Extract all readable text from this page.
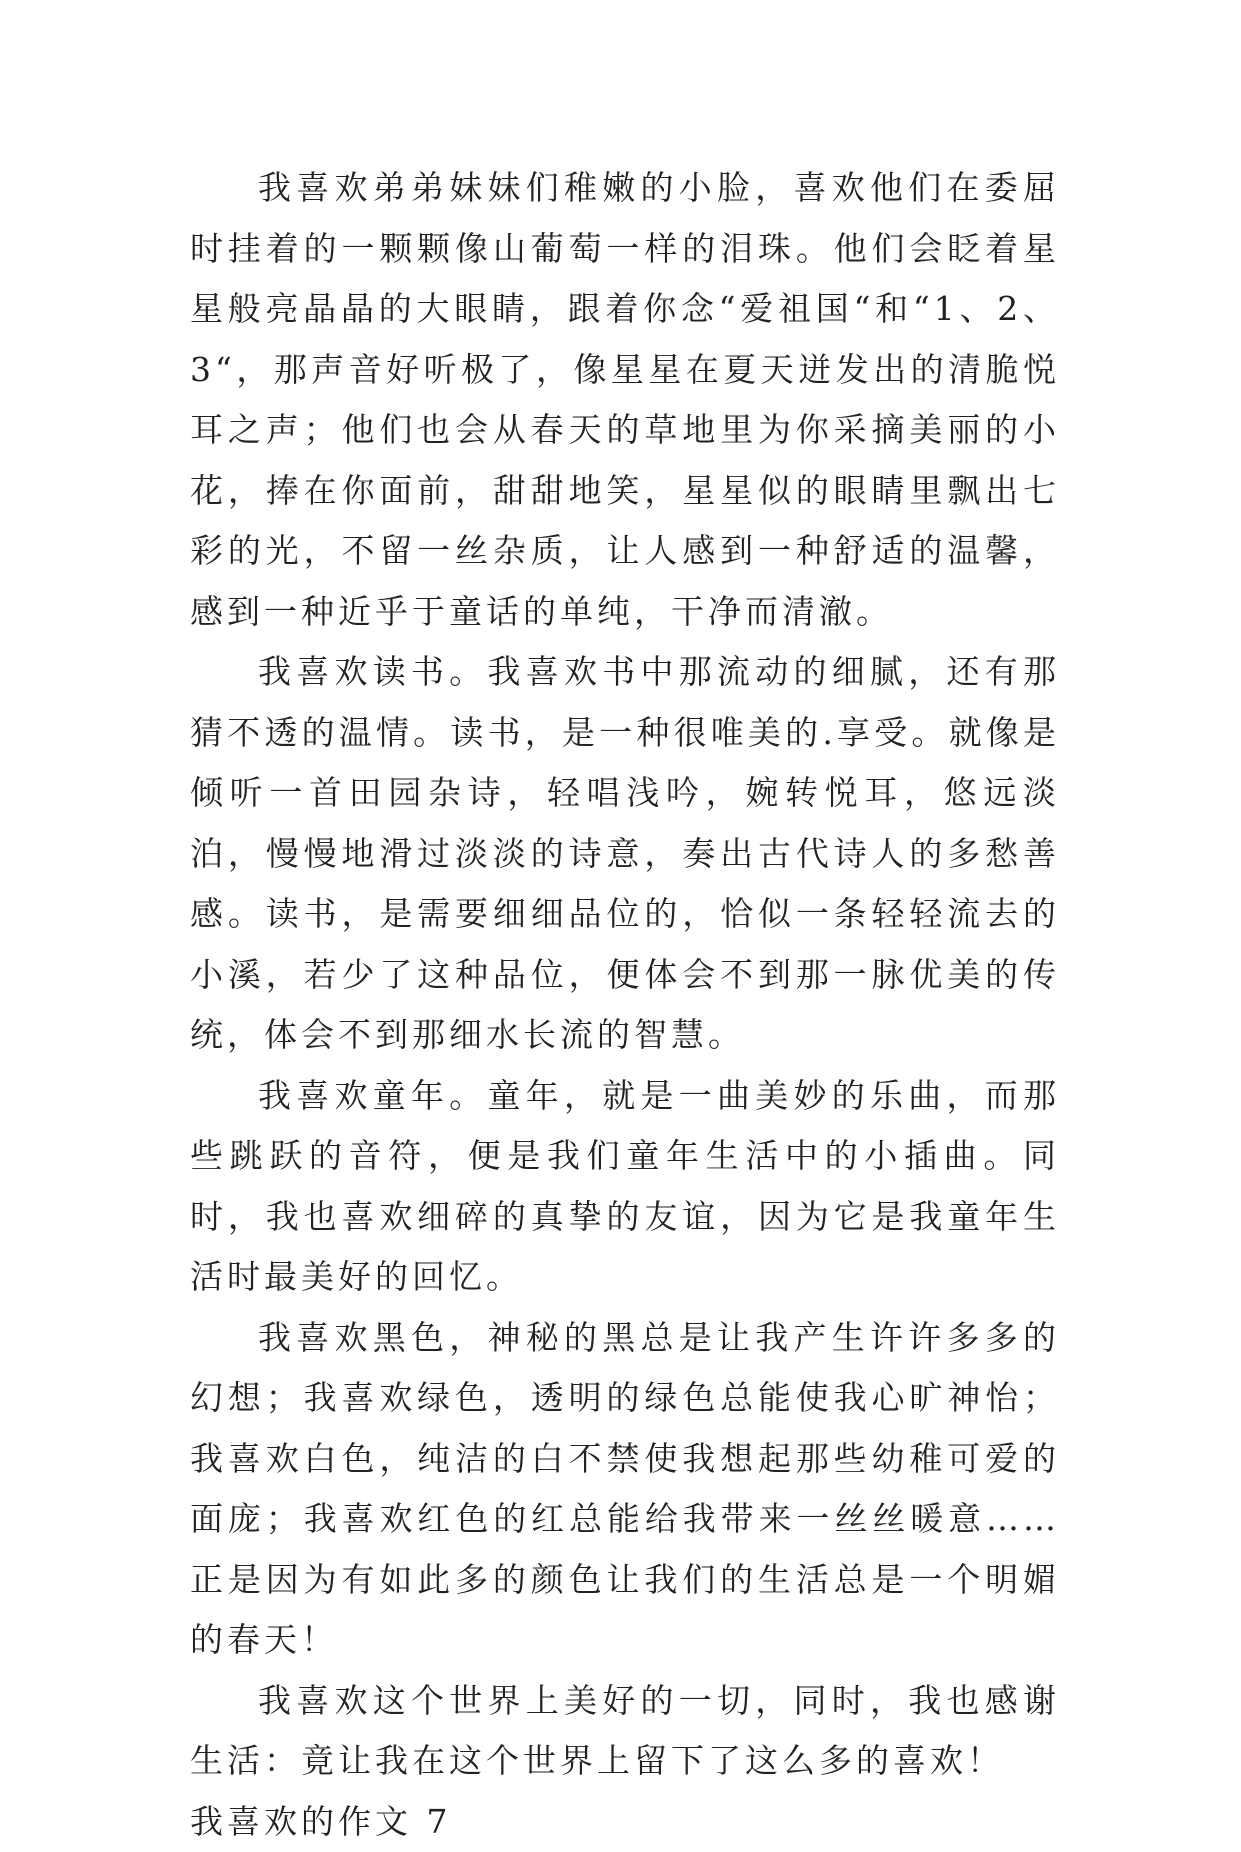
我喜欢弟弟妹妹们稚嫩的小脸，喜欢他们在委屈时挂着的一颗颗像山葡萄一样的泪珠。他们会眨着星星般亮晶晶的大眼睛，跟着你念“爱祖国“和“1、2、3“，那声音好听极了，像星星在夏天迸发出的清脆悦耳之声；他们也会从春天的草地里为你采摘美丽的小花，捧在你面前，甜甜地笑，星星似的眼睛里飘出七彩的光，不留一丝杂质，让人感到一种舒适的温馨，感到一种近乎于童话的单纯，干净而清澈。

我喜欢读书。我喜欢书中那流动的细腻，还有那猜不透的温情。读书，是一种很唯美的.享受。就像是倾听一首田园杂诗，轻唱浅吟，婉转悦耳，悠远淡泊，慢慢地滑过淡淡的诗意，奏出古代诗人的多愁善感。读书，是需要细细品位的，恰似一条轻轻流去的小溪，若少了这种品位，便体会不到那一脉优美的传统，体会不到那细水长流的智慧。

我喜欢童年。童年，就是一曲美妙的乐曲，而那些跳跃的音符，便是我们童年生活中的小插曲。同时，我也喜欢细碎的真挚的友谊，因为它是我童年生活时最美好的回忆。

我喜欢黑色，神秘的黑总是让我产生许许多多的幻想；我喜欢绿色，透明的绿色总能使我心旷神怡；我喜欢白色，纯洁的白不禁使我想起那些幼稚可爱的面庞；我喜欢红色的红总能给我带来一丝丝暖意……正是因为有如此多的颜色让我们的生活总是一个明媚的春天！

我喜欢这个世界上美好的一切，同时，我也感谢生活：竟让我在这个世界上留下了这么多的喜欢！

我喜欢的作文 7
